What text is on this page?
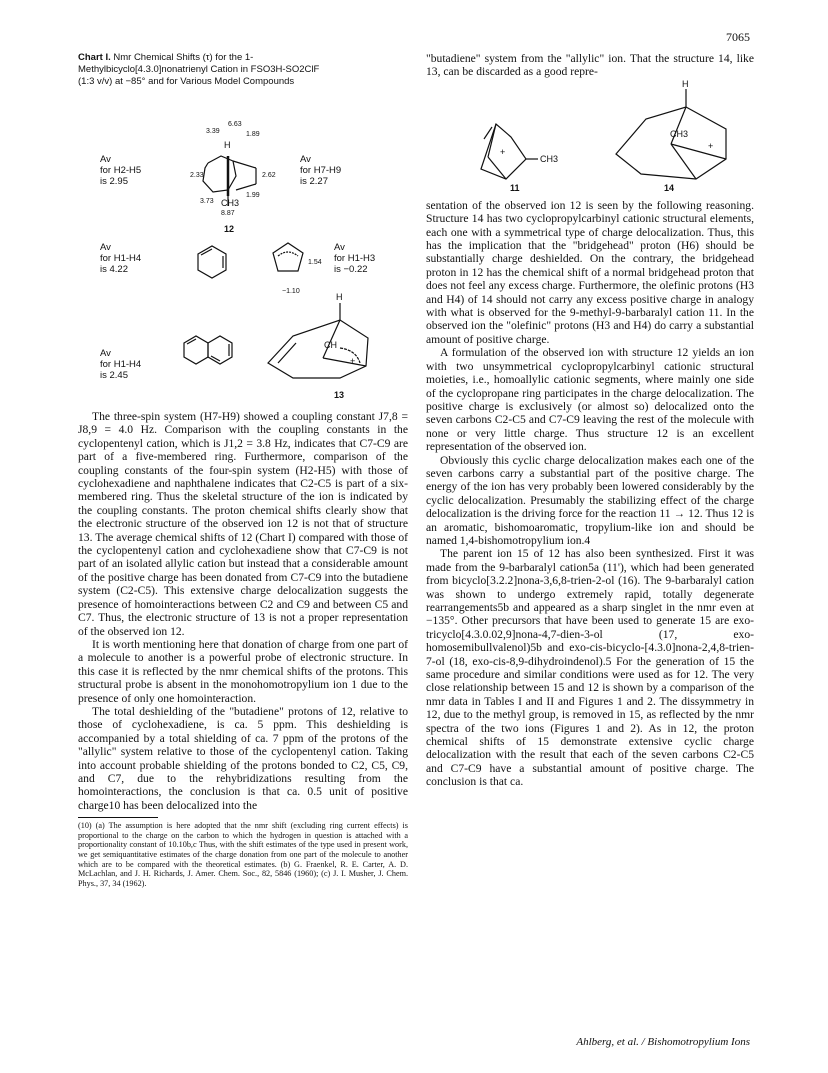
7065
Chart I. Nmr Chemical Shifts (τ) for the 1-Methylbicyclo[4.3.0]nonatrienyl Cation in FSO3H-SO2ClF (1:3 v/v) at −85° and for Various Model Compounds
3.39
6.63
1.89
H
2.33	2.62
1.99
3.73 CH3
8.87
12
Av
for H2-H5
is 2.95
Av
for H7-H9
is 2.27
Av
for H1-H4
is 4.22
1.54
−1.10
Av
for H1-H3
is −0.22
Av
for H1-H4
is 2.45
H
CH
+
13

The three-spin system (H7-H9) showed a coupling constant J7,8 = J8,9 = 4.0 Hz. Comparison with the coupling constants in the cyclopentenyl cation, which is J1,2 = 3.8 Hz, indicates that C7-C9 are part of a five-membered ring. Furthermore, comparison of the coupling constants of the four-spin system (H2-H5) with those of cyclohexadiene and naphthalene indicates that C2-C5 is part of a six-membered ring. Thus the skeletal structure of the ion is indicated by the coupling constants. The proton chemical shifts clearly show that the electronic structure of the observed ion 12 is not that of structure 13. The average chemical shifts of 12 (Chart I) compared with those of the cyclopentenyl cation and cyclohexadiene show that C7-C9 is not part of an isolated allylic cation but instead that a considerable amount of the positive charge has been donated from C7-C9 into the butadiene system (C2-C5). This extensive charge delocalization suggests the presence of homointeractions between C2 and C9 and between C5 and C7. Thus, the electronic structure of 13 is not a proper representation of the observed ion 12.

It is worth mentioning here that donation of charge from one part of a molecule to another is a powerful probe of electronic structure. In this case it is reflected by the nmr chemical shifts of the protons. This structural probe is absent in the monohomotropylium ion 1 due to the presence of only one homointeraction.

The total deshielding of the "butadiene" protons of 12, relative to those of cyclohexadiene, is ca. 5 ppm. This deshielding is accompanied by a total shielding of ca. 7 ppm of the protons of the "allylic" system relative to those of the cyclopentenyl cation. Taking into account probable shielding of the protons bonded to C2, C5, C9, and C7, due to the rehybridizations resulting from the homointeractions, the conclusion is that ca. 0.5 unit of positive charge10 has been delocalized into the

(10) (a) The assumption is here adopted that the nmr shift (excluding ring current effects) is proportional to the charge on the carbon to which the hydrogen in question is attached with a proportionality constant of 10.10b,c Thus, with the shift estimates of the type used in present work, we get semiquantitative estimates of the charge donation from one part of the molecule to another which are to be compared with the theoretical estimates. (b) G. Fraenkel, R. E. Carter, A. D. McLachlan, and J. H. Richards, J. Amer. Chem. Soc., 82, 5846 (1960); (c) J. I. Musher, J. Chem. Phys., 37, 34 (1962).

"butadiene" system from the "allylic" ion. That the structure 14, like 13, can be discarded as a good repre-

+
CH3
11
H
CH3
+
14

sentation of the observed ion 12 is seen by the following reasoning. Structure 14 has two cyclopropylcarbinyl cationic structural elements, each one with a symmetrical type of charge delocalization. Thus, this has the implication that the "bridgehead" proton (H6) should be substantially charge deshielded. On the contrary, the bridgehead proton in 12 has the chemical shift of a normal bridgehead proton that does not feel any excess charge. Furthermore, the olefinic protons (H3 and H4) of 14 should not carry any excess positive charge in analogy with what is observed for the 9-methyl-9-barbaralyl cation 11. In the observed ion the "olefinic" protons (H3 and H4) do carry a substantial amount of positive charge.

A formulation of the observed ion with structure 12 yields an ion with two unsymmetrical cyclopropylcarbinyl cationic structural moieties, i.e., homoallylic cationic segments, where mainly one side of the cyclopropane ring participates in the charge delocalization. The positive charge is exclusively (or almost so) delocalized onto the seven carbons C2-C5 and C7-C9 leaving the rest of the molecule with none or very little charge. Thus structure 12 is an excellent representation of the observed ion.

Obviously this cyclic charge delocalization makes each one of the seven carbons carry a substantial part of the positive charge. The energy of the ion has very probably been lowered considerably by the cyclic delocalization. Presumably the stabilizing effect of the charge delocalization is the driving force for the reaction 11 → 12. Thus 12 is an aromatic, bishomoaromatic, tropylium-like ion and should be named 1,4-bishomotropylium ion.4

The parent ion 15 of 12 has also been synthesized. First it was made from the 9-barbaralyl cation5a (11'), which had been generated from bicyclo[3.2.2]nona-3,6,8-trien-2-ol (16). The 9-barbaralyl cation was shown to undergo extremely rapid, totally degenerate rearrangements5b and appeared as a sharp singlet in the nmr even at −135°. Other precursors that have been used to generate 15 are exo-tricyclo[4.3.0.02,9]nona-4,7-dien-3-ol (17, exo-homosemibullvalenol)5b and exo-cis-bicyclo-[4.3.0]nona-2,4,8-trien-7-ol (18, exo-cis-8,9-dihydroindenol).5 For the generation of 15 the same procedure and similar conditions were used as for 12. The very close relationship between 15 and 12 is shown by a comparison of the nmr data in Tables I and II and Figures 1 and 2. The dissymmetry in 12, due to the methyl group, is removed in 15, as reflected by the nmr spectra of the two ions (Figures 1 and 2). As in 12, the proton chemical shifts of 15 demonstrate extensive cyclic charge delocalization with the result that each of the seven carbons C2-C5 and C7-C9 have a substantial amount of positive charge. The conclusion is that ca.

Ahlberg, et al. / Bishomotropylium Ions
